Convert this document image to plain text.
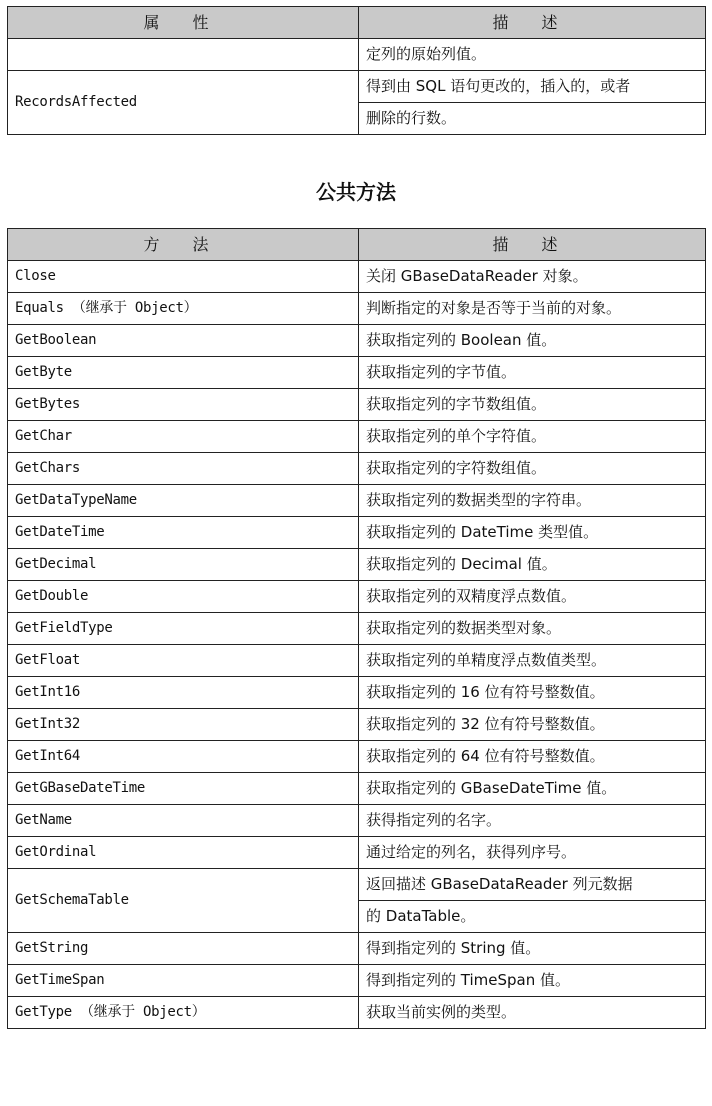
属 性	描 述
	定列的原始列值。
RecordsAffected	得到由 SQL 语句更改的，插入的，或者
	删除的行数。
公共方法
方 法	描 述
Close	关闭 GBaseDataReader 对象。
Equals （继承于 Object）	判断指定的对象是否等于当前的对象。
GetBoolean	获取指定列的 Boolean 值。
GetByte	获取指定列的字节值。
GetBytes	获取指定列的字节数组值。
GetChar	获取指定列的单个字符值。
GetChars	获取指定列的字符数组值。
GetDataTypeName	获取指定列的数据类型的字符串。
GetDateTime	获取指定列的 DateTime 类型值。
GetDecimal	获取指定列的 Decimal 值。
GetDouble	获取指定列的双精度浮点数值。
GetFieldType	获取指定列的数据类型对象。
GetFloat	获取指定列的单精度浮点数值类型。
GetInt16	获取指定列的 16 位有符号整数值。
GetInt32	获取指定列的 32 位有符号整数值。
GetInt64	获取指定列的 64 位有符号整数值。
GetGBaseDateTime	获取指定列的 GBaseDateTime 值。
GetName	获得指定列的名字。
GetOrdinal	通过给定的列名，获得列序号。
GetSchemaTable	返回描述 GBaseDataReader 列元数据
	的 DataTable。
GetString	得到指定列的 String 值。
GetTimeSpan	得到指定列的 TimeSpan 值。
GetType （继承于 Object）	获取当前实例的类型。
